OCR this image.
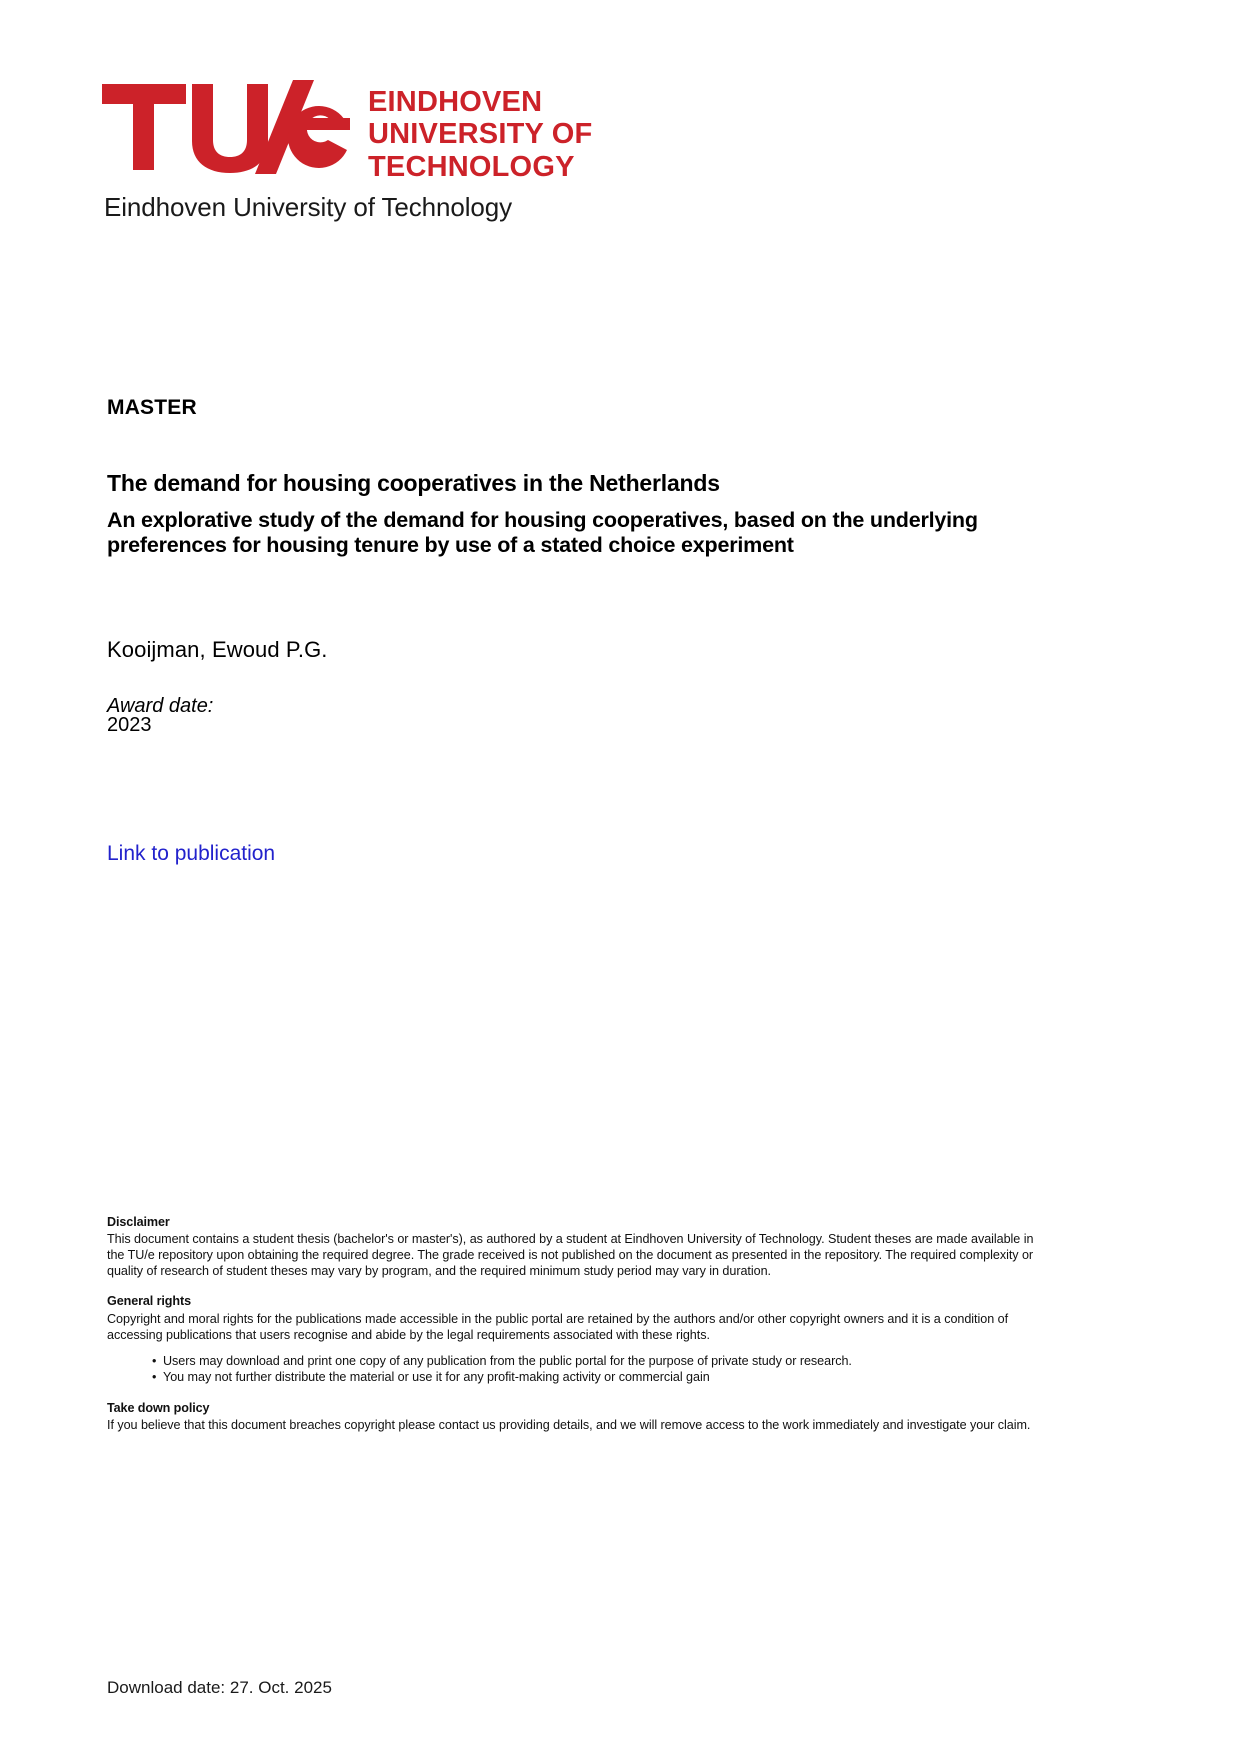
EINDHOVEN
UNIVERSITY OF
TECHNOLOGY
Eindhoven University of Technology
MASTER
The demand for housing cooperatives in the Netherlands
An explorative study of the demand for housing cooperatives, based on the underlying preferences for housing tenure by use of a stated choice experiment
Kooijman, Ewoud P.G.
Award date:
2023
Link to publication
Disclaimer
This document contains a student thesis (bachelor's or master's), as authored by a student at Eindhoven University of Technology. Student theses are made available in the TU/e repository upon obtaining the required degree. The grade received is not published on the document as presented in the repository. The required complexity or quality of research of student theses may vary by program, and the required minimum study period may vary in duration.
General rights
Copyright and moral rights for the publications made accessible in the public portal are retained by the authors and/or other copyright owners and it is a condition of accessing publications that users recognise and abide by the legal requirements associated with these rights.
• Users may download and print one copy of any publication from the public portal for the purpose of private study or research.
• You may not further distribute the material or use it for any profit-making activity or commercial gain
Take down policy
If you believe that this document breaches copyright please contact us providing details, and we will remove access to the work immediately and investigate your claim.
Download date: 27. Oct. 2025
